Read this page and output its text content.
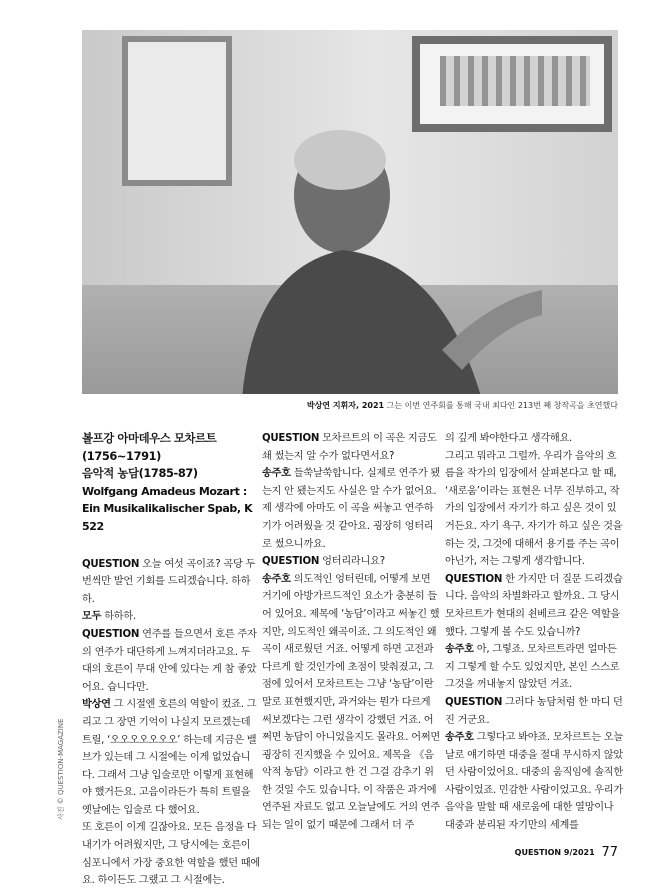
박상연 지휘자, 2021 그는 이번 연주회를 통해 국내 최다인 213번 째 창작곡을 초연했다

볼프강 아마데우스 모차르트(1756~1791)

음악적 농담(1785-87)

Wolfgang Amadeus Mozart :

Ein Musikalikalischer Spab, K 522

QUESTION 오늘 여섯 곡이죠? 곡당 두 번씩만 발언 기회를 드리겠습니다. 하하하.

모두 하하하.

QUESTION 연주를 들으면서 호른 주자의 연주가 대단하게 느껴지더라고요. 두 대의 호른이 무대 안에 있다는 게 참 좋았어요. 습니다만.

박상연 그 시절엔 호른의 역할이 컸죠. 그리고 그 장면 기억이 나실지 모르겠는데 트릴, ‘오오오오오오오’ 하는데 지금은 밸브가 있는데 그 시절에는 이게 없었습니다. 그래서 그냥 입술로만 이렇게 표현해야 했거든요. 고음이라든가 특히 트릴을 옛날에는 입술로 다 했어요.

또 호른이 이게 길잖아요. 모든 음정을 다 내기가 어려웠지만, 그 당시에는 호른이 심포니에서 가장 중요한 역할을 했던 때에요. 하이든도 그랬고 그 시절에는.

QUESTION 모차르트의 이 곡은 지금도 쇄 썼는지 알 수가 없다면서요?

송주호 들쑥날쑥합니다. 실제로 연주가 됐는지 안 됐는지도 사실은 알 수가 없어요. 제 생각에 아마도 이 곡을 써놓고 연주하기가 어려웠을 것 같아요. 굉장히 엉터리로 썼으니까요.

QUESTION 엉터리라니요?

송주호 의도적인 엉터린데, 어떻게 보면 거기에 아방가르드적인 요소가 충분히 들어 있어요. 제목에 ‘농담’이라고 써놓긴 했지만, 의도적인 왜곡이죠. 그 의도적인 왜곡이 새로웠던 거죠. 어떻게 하면 고전과 다르게 할 것인가에 초점이 맞춰졌고, 그 점에 있어서 모차르트는 그냥 ‘농담’이란 말로 표현했지만, 과거와는 뭔가 다르게 써보겠다는 그런 생각이 강했던 거죠. 어쩌면 농담이 아니었을지도 몰라요. 어쩌면 굉장히 진지했을 수 있어요. 제목을 《음악적 농담》이라고 한 건 그걸 감추기 위한 것일 수도 있습니다. 이 작품은 과거에 연주된 자료도 없고 오늘날에도 거의 연주되는 일이 없기 때문에 그래서 더 주

의 깊게 봐야한다고 생각해요.

그리고 뭐라고 그럴까. 우리가 음악의 흐름을 작가의 입장에서 살펴본다고 할 때, ‘새로움’이라는 표현은 너무 진부하고, 작가의 입장에서 자기가 하고 싶은 것이 있거든요. 자기 욕구. 자기가 하고 싶은 것을 하는 것, 그것에 대해서 용기를 주는 곡이 아닌가, 저는 그렇게 생각합니다.

QUESTION 한 가지만 더 질문 드리겠습니다. 음악의 차별화라고 할까요. 그 당시 모차르트가 현대의 쇤베르크 같은 역할을 했다. 그렇게 볼 수도 있습니까?

송주호 아, 그렇죠. 모차르트라면 얼마든지 그렇게 할 수도 있었지만, 본인 스스로 그것을 꺼내놓지 않았던 거죠.

QUESTION 그러다 농담처럼 한 마디 던진 거군요.

송주호 그렇다고 봐야죠. 모차르트는 오늘날로 얘기하면 대중을 절대 무시하지 않았던 사람이었어요. 대중의 움직임에 솔직한 사람이었죠. 민감한 사람이었고요. 우리가 음악을 말할 때 새로움에 대한 열망이나 대중과 분리된 자기만의 세계를

사진 © QUESTION-MAGAZINE
QUESTION 9/2021 77
